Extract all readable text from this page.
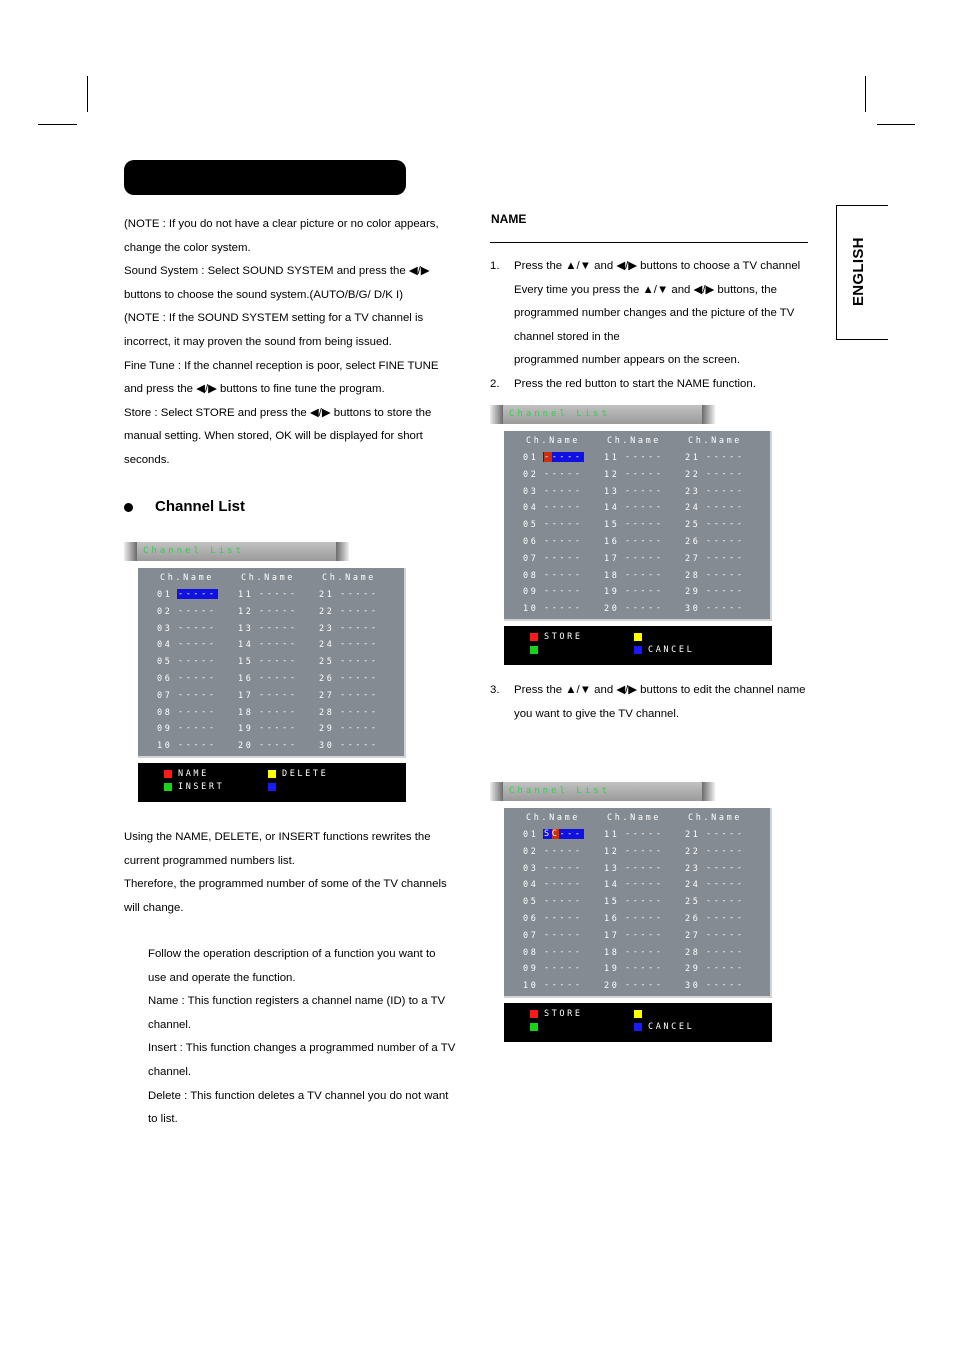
ENGLISH
(NOTE : If you do not have a clear picture or no color appears,
change the color system.
Sound System : Select SOUND SYSTEM and press the ◀/▶
buttons to choose the sound system.(AUTO/B/G/ D/K I)
(NOTE : If the SOUND SYSTEM setting for a TV channel is
incorrect, it may proven the sound from being issued.
Fine Tune : If the channel reception is poor, select FINE TUNE
and press the ◀/▶ buttons to fine tune the program.
Store : Select STORE and press the ◀/▶ buttons to store the
manual setting. When stored, OK will be displayed for short
seconds.
Channel List
Channel List
Ch.Name
01 -----
02 -----
03 -----
04 -----
05 -----
06 -----
07 -----
08 -----
09 -----
10 -----
Ch.Name
11 -----
12 -----
13 -----
14 -----
15 -----
16 -----
17 -----
18 -----
19 -----
20 -----
Ch.Name
21 -----
22 -----
23 -----
24 -----
25 -----
26 -----
27 -----
28 -----
29 -----
30 -----
NAME
INSERT
DELETE
Using the NAME, DELETE, or INSERT functions rewrites the
current programmed numbers list.
Therefore, the programmed number of some of the TV channels
will change.
Follow the operation description of a function you want to
use and operate the function.
Name : This function registers a channel name (ID) to a TV
channel.
Insert : This function changes a programmed number of a TV
channel.
Delete : This function deletes a TV channel you do not want
to list.
NAME
1. Press the ▲/▼ and ◀/▶ buttons to choose a TV channel
Every time you press the ▲/▼ and ◀/▶ buttons, the
programmed number changes and the picture of the TV
channel stored in the
programmed number appears on the screen.
2. Press the red button to start the NAME function.
Channel List
Ch.Name
01 -----
02 -----
03 -----
04 -----
05 -----
06 -----
07 -----
08 -----
09 -----
10 -----
Ch.Name
11 -----
12 -----
13 -----
14 -----
15 -----
16 -----
17 -----
18 -----
19 -----
20 -----
Ch.Name
21 -----
22 -----
23 -----
24 -----
25 -----
26 -----
27 -----
28 -----
29 -----
30 -----
STORE
CANCEL
3. Press the ▲/▼ and ◀/▶ buttons to edit the channel name
you want to give the TV channel.
Channel List
Ch.Name
01 SC---
02 -----
03 -----
04 -----
05 -----
06 -----
07 -----
08 -----
09 -----
10 -----
Ch.Name
11 -----
12 -----
13 -----
14 -----
15 -----
16 -----
17 -----
18 -----
19 -----
20 -----
Ch.Name
21 -----
22 -----
23 -----
24 -----
25 -----
26 -----
27 -----
28 -----
29 -----
30 -----
STORE
CANCEL
